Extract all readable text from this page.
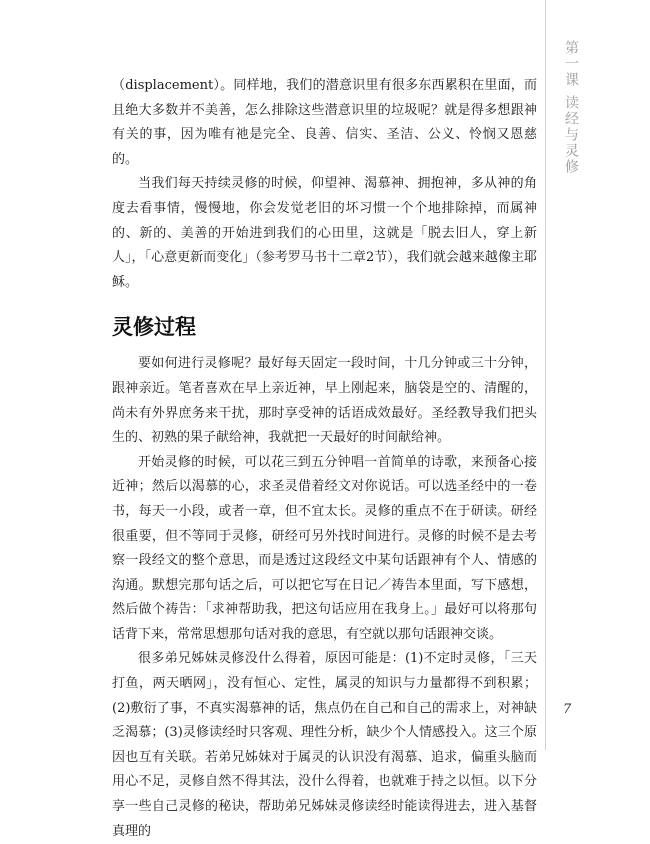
（displacement）。同样地，我们的潜意识里有很多东西累积在里面，而且绝大多数并不美善，怎么排除这些潜意识里的垃圾呢？就是得多想跟神有关的事，因为唯有祂是完全、良善、信实、圣洁、公义、怜悯又恩慈的。

当我们每天持续灵修的时候，仰望神、渴慕神、拥抱神，多从神的角度去看事情，慢慢地，你会发觉老旧的坏习惯一个个地排除掉，而属神的、新的、美善的开始进到我们的心田里，这就是「脱去旧人，穿上新人」，「心意更新而变化」（参考罗马书十二章2节），我们就会越来越像主耶稣。

灵修过程

要如何进行灵修呢？最好每天固定一段时间，十几分钟或三十分钟，跟神亲近。笔者喜欢在早上亲近神，早上刚起来，脑袋是空的、清醒的，尚未有外界庶务来干扰，那时享受神的话语成效最好。圣经教导我们把头生的、初熟的果子献给神，我就把一天最好的时间献给神。

开始灵修的时候，可以花三到五分钟唱一首简单的诗歌，来预备心接近神；然后以渴慕的心，求圣灵借着经文对你说话。可以选圣经中的一卷书，每天一小段，或者一章，但不宜太长。灵修的重点不在于研读。研经很重要，但不等同于灵修，研经可另外找时间进行。灵修的时候不是去考察一段经文的整个意思，而是透过这段经文中某句话跟神有个人、情感的沟通。默想完那句话之后，可以把它写在日记／祷告本里面，写下感想，然后做个祷告：「求神帮助我，把这句话应用在我身上。」最好可以将那句话背下来，常常思想那句话对我的意思，有空就以那句话跟神交谈。

很多弟兄姊妹灵修没什么得着，原因可能是：(1)不定时灵修，「三天打鱼，两天晒网」，没有恒心、定性，属灵的知识与力量都得不到积累；(2)敷衍了事，不真实渴慕神的话，焦点仍在自己和自己的需求上，对神缺乏渴慕；(3)灵修读经时只客观、理性分析，缺少个人情感投入。这三个原因也互有关联。若弟兄姊妹对于属灵的认识没有渴慕、追求，偏重头脑而用心不足，灵修自然不得其法，没什么得着，也就难于持之以恒。以下分享一些自己灵修的秘诀，帮助弟兄姊妹灵修读经时能读得进去，进入基督真理的

第一课
读经与灵修
7
